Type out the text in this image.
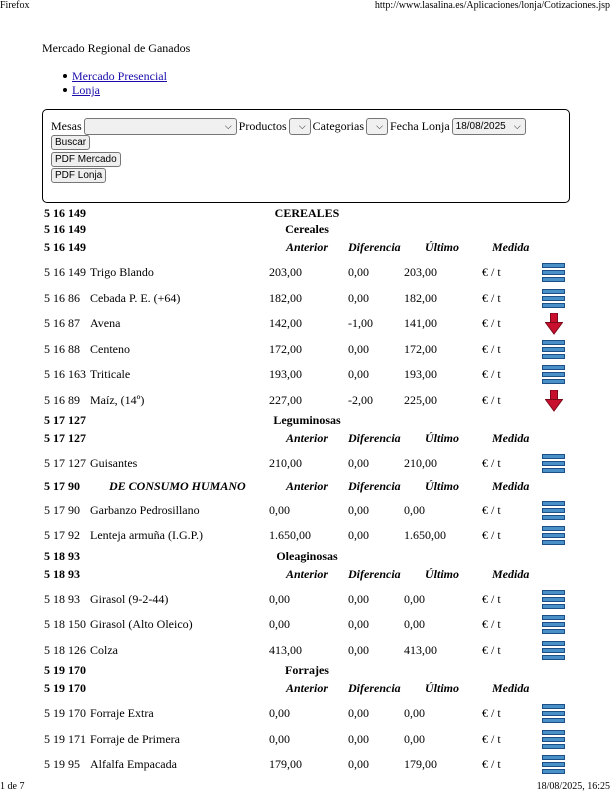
Firefox	http://www.lasalina.es/Aplicaciones/lonja/Cotizaciones.jsp
Mercado Regional de Ganados
Mercado Presencial
Lonja
Mesas	⌵ Productos ⌵ Categorias ⌵ Fecha Lonja 18/08/2025 ⌵
Buscar
PDF Mercado
PDF Lonja
5 16 149	CEREALES
5 16 149	Cereales
5 16 149	Anterior Diferencia Último	Medida
5 16 149 Trigo Blando	203,00	0,00	203,00	€ / t
5 16 86 Cebada P. E. (+64)	182,00	0,00	182,00	€ / t
5 16 87 Avena	142,00	-1,00	141,00	€ / t
5 16 88 Centeno	172,00	0,00	172,00	€ / t
5 16 163 Triticale	193,00	0,00	193,00	€ / t
5 16 89 Maíz, (14º)	227,00	-2,00	225,00	€ / t
5 17 127	Leguminosas
5 17 127	Anterior Diferencia Último	Medida
5 17 127 Guisantes	210,00	0,00	210,00	€ / t
5 17 90 DE CONSUMO HUMANO	Anterior Diferencia Último	Medida
5 17 90 Garbanzo Pedrosillano	0,00	0,00	0,00	€ / t
5 17 92 Lenteja armuña (I.G.P.)	1.650,00	0,00	1.650,00	€ / t
5 18 93	Oleaginosas
5 18 93	Anterior Diferencia Último	Medida
5 18 93 Girasol (9-2-44)	0,00	0,00	0,00	€ / t
5 18 150 Girasol (Alto Oleico)	0,00	0,00	0,00	€ / t
5 18 126 Colza	413,00	0,00	413,00	€ / t
5 19 170	Forrajes
5 19 170	Anterior Diferencia Último	Medida
5 19 170 Forraje Extra	0,00	0,00	0,00	€ / t
5 19 171 Forraje de Primera	0,00	0,00	0,00	€ / t
5 19 95 Alfalfa Empacada	179,00	0,00	179,00	€ / t
1 de 7	18/08/2025, 16:25
